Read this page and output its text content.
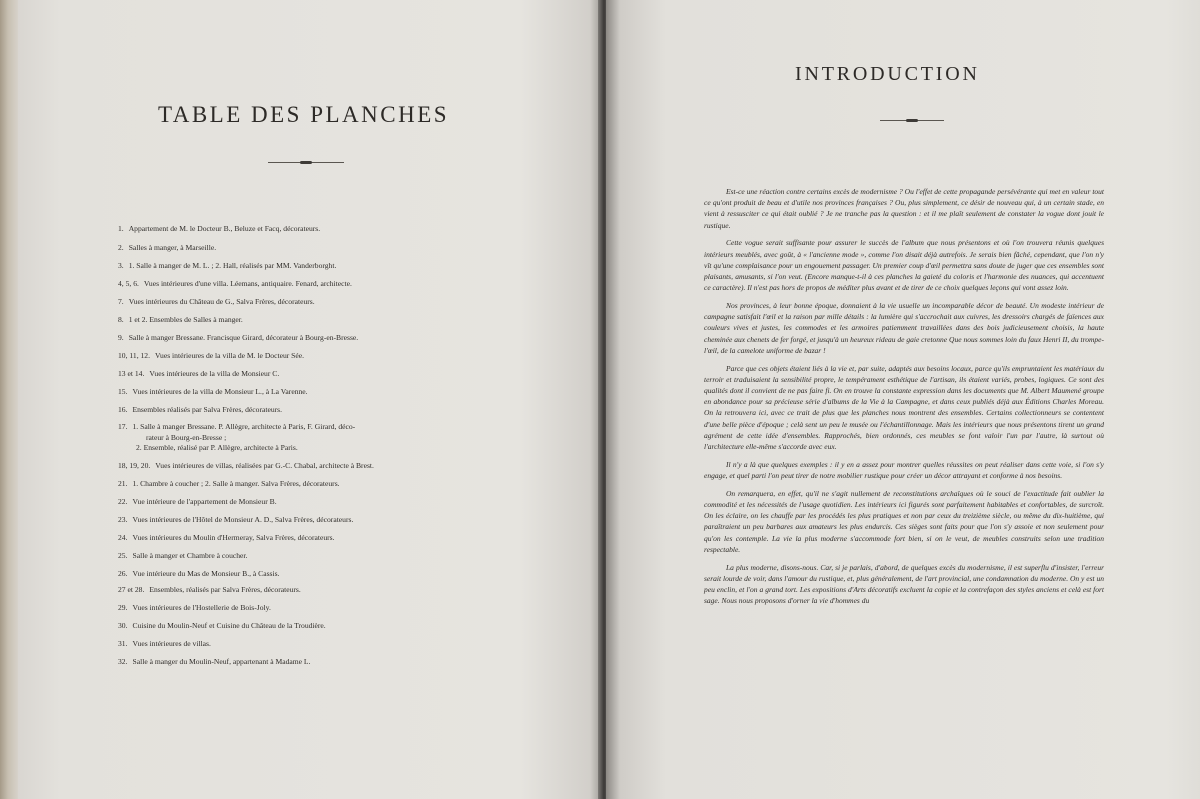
TABLE DES PLANCHES
1. Appartement de M. le Docteur B., Beluze et Facq, décorateurs.
2. Salles à manger, à Marseille.
3. 1. Salle à manger de M. L. ; 2. Hall, réalisés par MM. Vanderborght.
4, 5, 6. Vues intérieures d'une villa. Léemans, antiquaire. Fenard, architecte.
7. Vues intérieures du Château de G., Salva Frères, décorateurs.
8. 1 et 2. Ensembles de Salles à manger.
9. Salle à manger Bressane. Francisque Girard, décorateur à Bourg-en-Bresse.
10, 11, 12. Vues intérieures de la villa de M. le Docteur Sée.
13 et 14. Vues intérieures de la villa de Monsieur C.
15. Vues intérieures de la villa de Monsieur L., à La Varenne.
16. Ensembles réalisés par Salva Frères, décorateurs.
17. 1. Salle à manger Bressane. P. Allègre, architecte à Paris, F. Girard, déco-
rateur à Bourg-en-Bresse ;
2. Ensemble, réalisé par P. Allègre, architecte à Paris.
18, 19, 20. Vues intérieures de villas, réalisées par G.-C. Chabal, architecte à Brest.
21. 1. Chambre à coucher ; 2. Salle à manger. Salva Frères, décorateurs.
22. Vue intérieure de l'appartement de Monsieur B.
23. Vues intérieures de l'Hôtel de Monsieur A. D., Salva Frères, décorateurs.
24. Vues intérieures du Moulin d'Hermeray, Salva Frères, décorateurs.
25. Salle à manger et Chambre à coucher.
26. Vue intérieure du Mas de Monsieur B., à Cassis.
27 et 28. Ensembles, réalisés par Salva Frères, décorateurs.
29. Vues intérieures de l'Hostellerie de Bois-Joly.
30. Cuisine du Moulin-Neuf et Cuisine du Château de la Troudière.
31. Vues intérieures de villas.
32. Salle à manger du Moulin-Neuf, appartenant à Madame L.
INTRODUCTION

Est-ce une réaction contre certains excès de modernisme ? Ou l'effet de cette propagande persévérante qui met en valeur tout ce qu'ont produit de beau et d'utile nos provinces françaises ? Ou, plus simplement, ce désir de nouveau qui, à un certain stade, en vient à ressusciter ce qui était oublié ? Je ne tranche pas la question : et il me plaît seulement de constater la vogue dont jouit le rustique.

Cette vogue serait suffisante pour assurer le succès de l'album que nous présentons et où l'on trouvera réunis quelques intérieurs meublés, avec goût, à « l'ancienne mode », comme l'on disait déjà autrefois. Je serais bien fâché, cependant, que l'on n'y vît qu'une complaisance pour un engouement passager. Un premier coup d'œil permettra sans doute de juger que ces ensembles sont plaisants, amusants, si l'on veut. (Encore manque-t-il à ces planches la gaieté du coloris et l'harmonie des nuances, qui accentuent ce caractère). Il n'est pas hors de propos de méditer plus avant et de tirer de ce choix quelques leçons qui vont assez loin.

Nos provinces, à leur bonne époque, donnaient à la vie usuelle un incomparable décor de beauté. Un modeste intérieur de campagne satisfait l'œil et la raison par mille détails : la lumière qui s'accrochait aux cuivres, les dressoirs chargés de faïences aux couleurs vives et justes, les commodes et les armoires patiemment travaillées dans des bois judicieusement choisis, la haute cheminée aux chenets de fer forgé, et jusqu'à un heureux rideau de gaie cretonne Que nous sommes loin du faux Henri II, du trompe-l'œil, de la camelote uniforme de bazar !

Parce que ces objets étaient liés à la vie et, par suite, adaptés aux besoins locaux, parce qu'ils empruntaient les matériaux du terroir et traduisaient la sensibilité propre, le tempérament esthétique de l'artisan, ils étaient variés, probes, logiques. Ce sont des qualités dont il convient de ne pas faire fi. On en trouve la constante expression dans les documents que M. Albert Maumené groupe en abondance pour sa précieuse série d'albums de la Vie à la Campagne, et dans ceux publiés déjà aux Éditions Charles Moreau. On la retrouvera ici, avec ce trait de plus que les planches nous montrent des ensembles. Certains collectionneurs se contentent d'une belle pièce d'époque ; celà sent un peu le musée ou l'échantillonnage. Mais les intérieurs que nous présentons tirent un grand agrément de cette idée d'ensembles. Rapprochés, bien ordonnés, ces meubles se font valoir l'un par l'autre, là surtout où l'architecture elle-même s'accorde avec eux.

Il n'y a là que quelques exemples : il y en a assez pour montrer quelles réussites on peut réaliser dans cette voie, si l'on s'y engage, et quel parti l'on peut tirer de notre mobilier rustique pour créer un décor attrayant et conforme à nos besoins.

On remarquera, en effet, qu'il ne s'agit nullement de reconstitutions archaïques où le souci de l'exactitude fait oublier la commodité et les nécessités de l'usage quotidien. Les intérieurs ici figurés sont parfaitement habitables et confortables, de surcroît. On les éclaire, on les chauffe par les procédés les plus pratiques et non par ceux du treizième siècle, ou même du dix-huitième, qui paraîtraient un peu barbares aux amateurs les plus endurcis. Ces sièges sont faits pour que l'on s'y assoie et non seulement pour qu'on les contemple. La vie la plus moderne s'accommode fort bien, si on le veut, de meubles construits selon une tradition respectable.

La plus moderne, disons-nous. Car, si je parlais, d'abord, de quelques excès du modernisme, il est superflu d'insister, l'erreur serait lourde de voir, dans l'amour du rustique, et, plus généralement, de l'art provincial, une condamnation du moderne. On y est un peu enclin, et l'on a grand tort. Les expositions d'Arts décoratifs excluent la copie et la contrefaçon des styles anciens et celà est fort sage. Nous nous proposons d'orner la vie d'hommes du
